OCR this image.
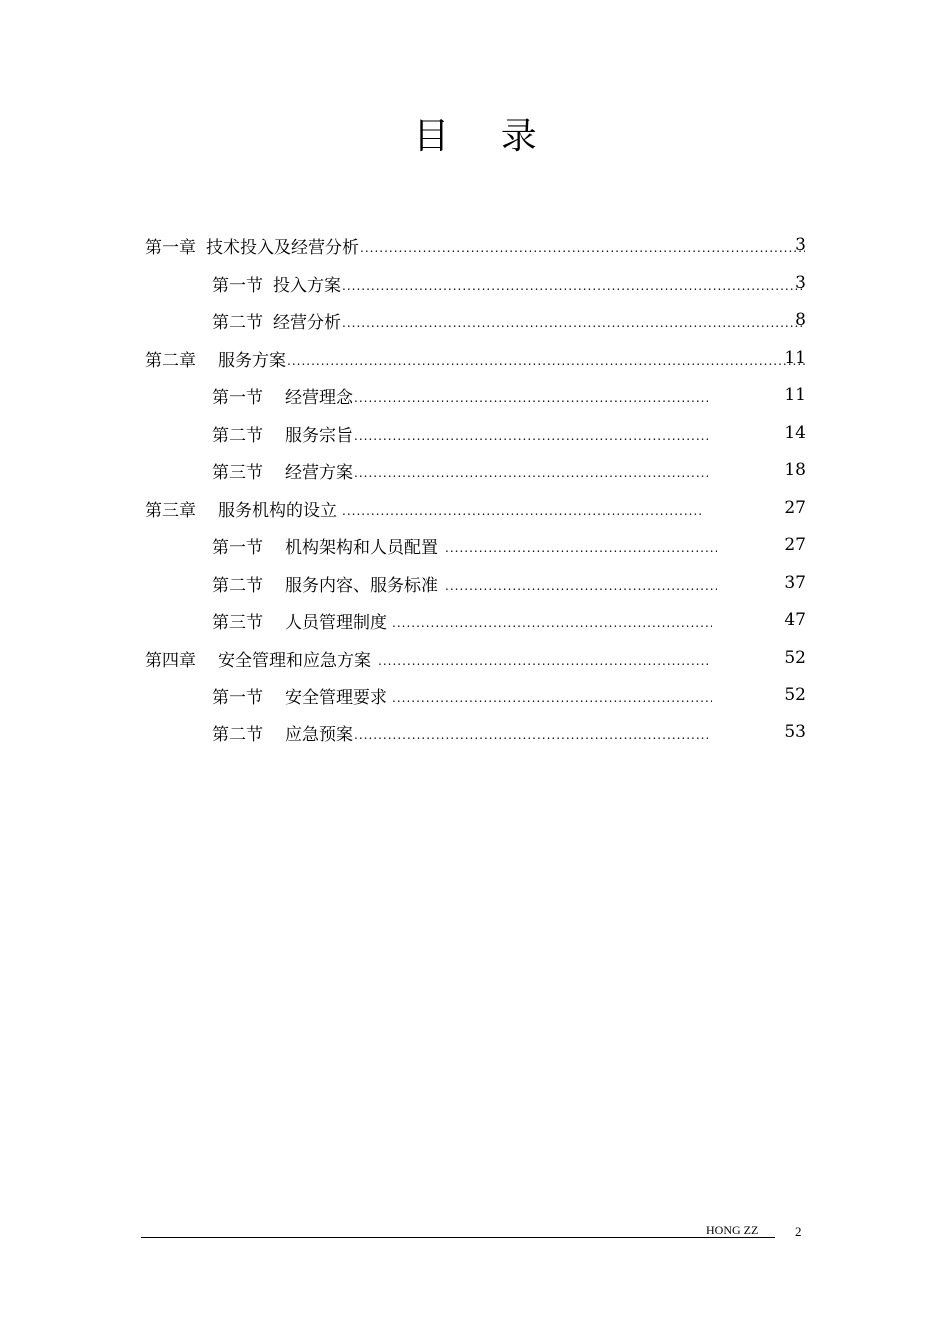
目 录
第一章 技术投入及经营分析 .....	3
第一节 投入方案 .....	3
第二节 经营分析 .....	8
第二章 服务方案 .....	11
第一节 经营理念 .....	11
第二节 服务宗旨 .....	14
第三节 经营方案 .....	18
第三章 服务机构的设立 .....	27
第一节 机构架构和人员配置 .....	27
第二节 服务内容、服务标准 .....	37
第三节 人员管理制度 .....	47
第四章 安全管理和应急方案 .....	52
第一节 安全管理要求 .....	52
第二节 应急预案 .....	53
HONG ZZ	2
